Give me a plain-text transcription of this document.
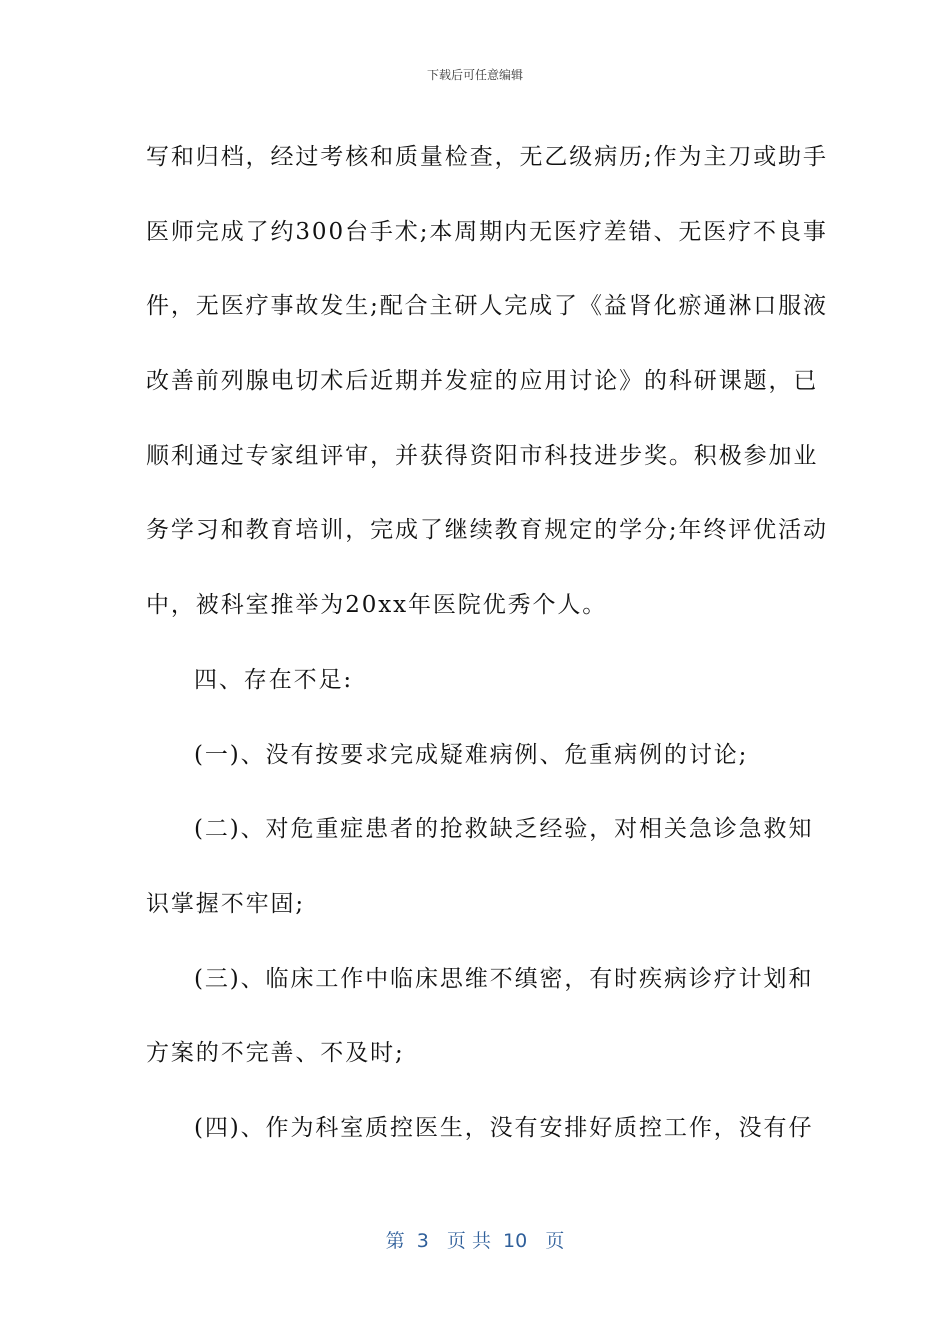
下载后可任意编辑
写和归档，经过考核和质量检查，无乙级病历;作为主刀或助手
医师完成了约300台手术;本周期内无医疗差错、无医疗不良事
件，无医疗事故发生;配合主研人完成了《益肾化瘀通淋口服液
改善前列腺电切术后近期并发症的应用讨论》的科研课题，已
顺利通过专家组评审，并获得资阳市科技进步奖。积极参加业
务学习和教育培训，完成了继续教育规定的学分;年终评优活动
中，被科室推举为20xx年医院优秀个人。
四、存在不足:
(一)、没有按要求完成疑难病例、危重病例的讨论;
(二)、对危重症患者的抢救缺乏经验，对相关急诊急救知
识掌握不牢固;
(三)、临床工作中临床思维不缜密，有时疾病诊疗计划和
方案的不完善、不及时;
(四)、作为科室质控医生，没有安排好质控工作，没有仔
第  3   页 共  10   页
